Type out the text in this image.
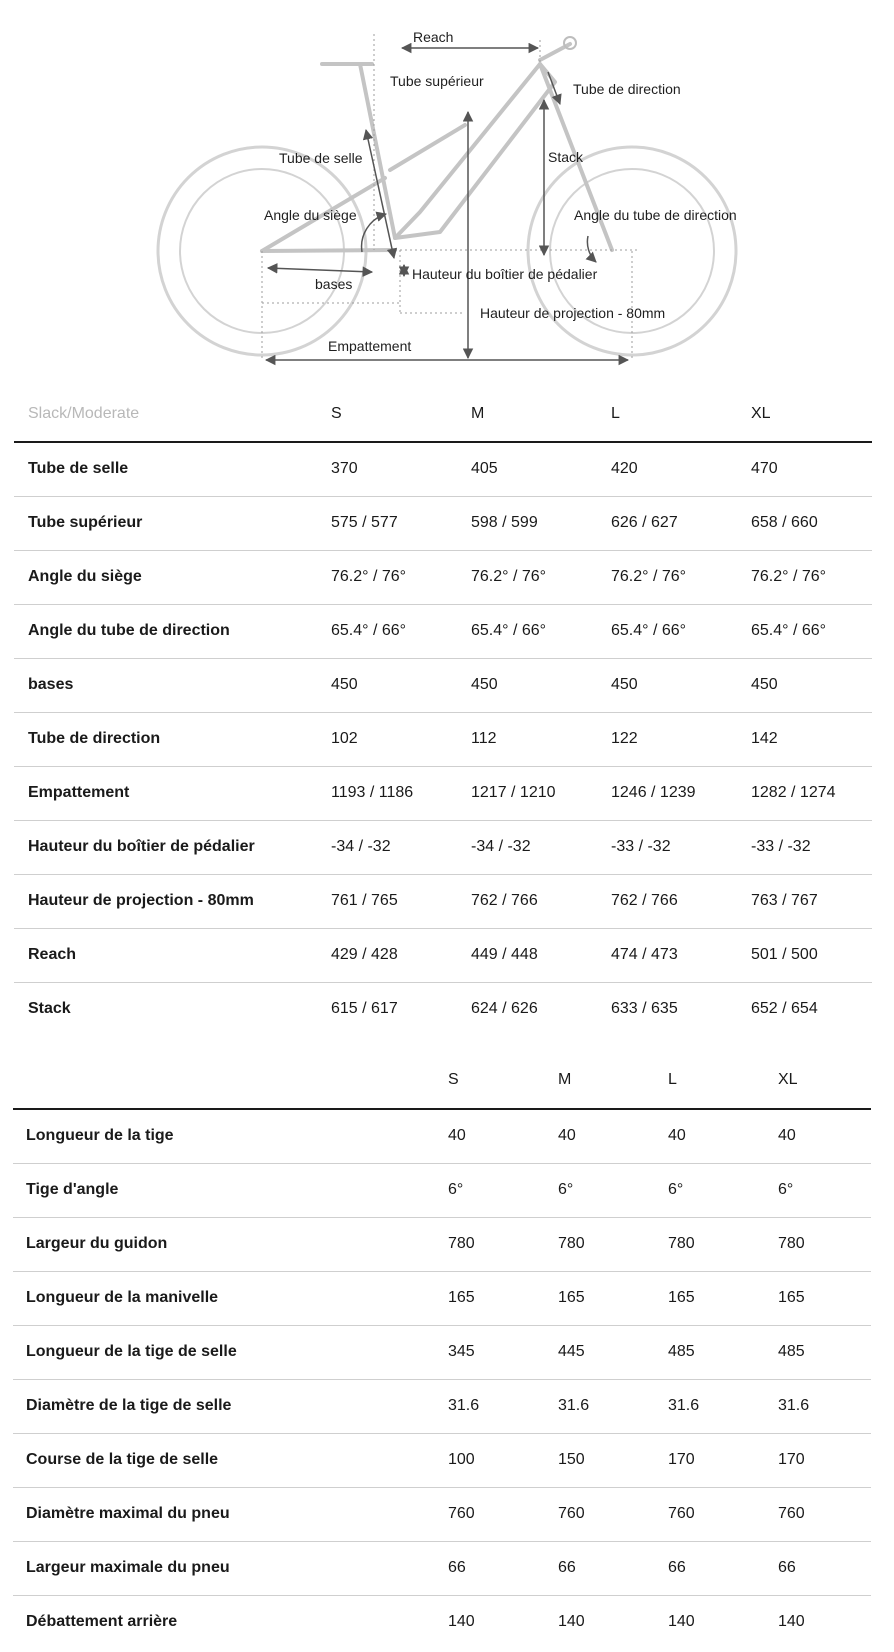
Reach
Tube supérieur	Tube de direction
Tube de selle	Stack
Angle du siège	Angle du tube de direction
Hauteur du boîtier de pédalier
bases
Hauteur de projection - 80mm
Empattement
Slack/Moderate	S	M	L	XL
Tube de selle	370	405	420	470
Tube supérieur	575 / 577	598 / 599	626 / 627	658 / 660
Angle du siège	76.2° / 76°	76.2° / 76°	76.2° / 76°	76.2° / 76°
Angle du tube de direction	65.4° / 66°	65.4° / 66°	65.4° / 66°	65.4° / 66°
bases	450	450	450	450
Tube de direction	102	112	122	142
Empattement	1193 / 1186	1217 / 1210	1246 / 1239	1282 / 1274
Hauteur du boîtier de pédalier	-34 / -32	-34 / -32	-33 / -32	-33 / -32
Hauteur de projection - 80mm	761 / 765	762 / 766	762 / 766	763 / 767
Reach	429 / 428	449 / 448	474 / 473	501 / 500
Stack	615 / 617	624 / 626	633 / 635	652 / 654
	S	M	L	XL
Longueur de la tige	40	40	40	40
Tige d'angle	6°	6°	6°	6°
Largeur du guidon	780	780	780	780
Longueur de la manivelle	165	165	165	165
Longueur de la tige de selle	345	445	485	485
Diamètre de la tige de selle	31.6	31.6	31.6	31.6
Course de la tige de selle	100	150	170	170
Diamètre maximal du pneu	760	760	760	760
Largeur maximale du pneu	66	66	66	66
Débattement arrière	140	140	140	140
